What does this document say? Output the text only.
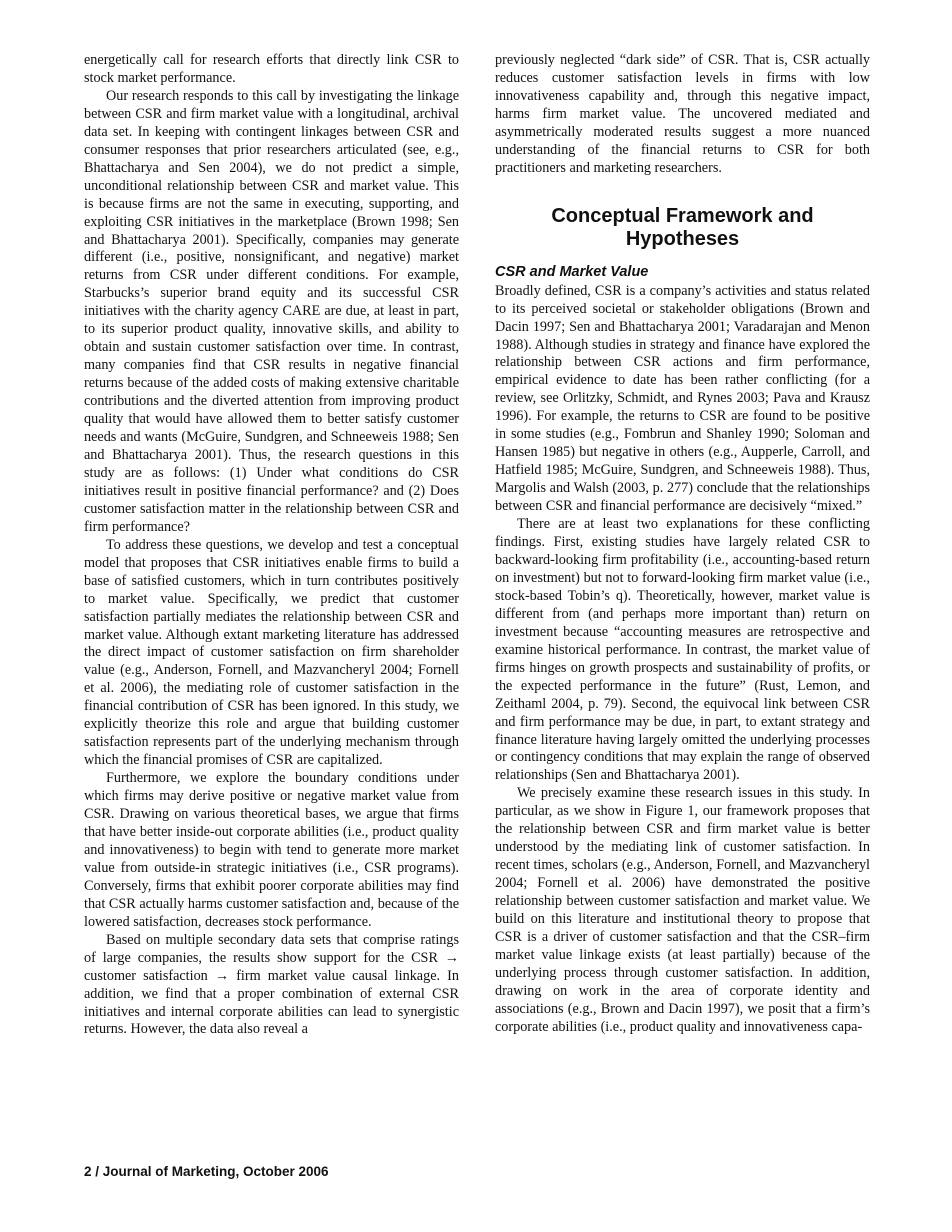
energetically call for research efforts that directly link CSR to stock market performance.

Our research responds to this call by investigating the linkage between CSR and firm market value with a longitudinal, archival data set. In keeping with contingent linkages between CSR and consumer responses that prior researchers articulated (see, e.g., Bhattacharya and Sen 2004), we do not predict a simple, unconditional relationship between CSR and market value. This is because firms are not the same in executing, supporting, and exploiting CSR initiatives in the marketplace (Brown 1998; Sen and Bhattacharya 2001). Specifically, companies may generate different (i.e., positive, nonsignificant, and negative) market returns from CSR under different conditions. For example, Starbucks’s superior brand equity and its successful CSR initiatives with the charity agency CARE are due, at least in part, to its superior product quality, innovative skills, and ability to obtain and sustain customer satisfaction over time. In contrast, many companies find that CSR results in negative financial returns because of the added costs of making extensive charitable contributions and the diverted attention from improving product quality that would have allowed them to better satisfy customer needs and wants (McGuire, Sundgren, and Schneeweis 1988; Sen and Bhattacharya 2001). Thus, the research questions in this study are as follows: (1) Under what conditions do CSR initiatives result in positive financial performance? and (2) Does customer satisfaction matter in the relationship between CSR and firm performance?

To address these questions, we develop and test a conceptual model that proposes that CSR initiatives enable firms to build a base of satisfied customers, which in turn contributes positively to market value. Specifically, we predict that customer satisfaction partially mediates the relationship between CSR and market value. Although extant marketing literature has addressed the direct impact of customer satisfaction on firm shareholder value (e.g., Anderson, Fornell, and Mazvancheryl 2004; Fornell et al. 2006), the mediating role of customer satisfaction in the financial contribution of CSR has been ignored. In this study, we explicitly theorize this role and argue that building customer satisfaction represents part of the underlying mechanism through which the financial promises of CSR are capitalized.

Furthermore, we explore the boundary conditions under which firms may derive positive or negative market value from CSR. Drawing on various theoretical bases, we argue that firms that have better inside-out corporate abilities (i.e., product quality and innovativeness) to begin with tend to generate more market value from outside-in strategic initiatives (i.e., CSR programs). Conversely, firms that exhibit poorer corporate abilities may find that CSR actually harms customer satisfaction and, because of the lowered satisfaction, decreases stock performance.

Based on multiple secondary data sets that comprise ratings of large companies, the results show support for the CSR → customer satisfaction → firm market value causal linkage. In addition, we find that a proper combination of external CSR initiatives and internal corporate abilities can lead to synergistic returns. However, the data also reveal a

previously neglected “dark side” of CSR. That is, CSR actually reduces customer satisfaction levels in firms with low innovativeness capability and, through this negative impact, harms firm market value. The uncovered mediated and asymmetrically moderated results suggest a more nuanced understanding of the financial returns to CSR for both practitioners and marketing researchers.

Conceptual Framework and Hypotheses
CSR and Market Value

Broadly defined, CSR is a company’s activities and status related to its perceived societal or stakeholder obligations (Brown and Dacin 1997; Sen and Bhattacharya 2001; Varadarajan and Menon 1988). Although studies in strategy and finance have explored the relationship between CSR actions and firm performance, empirical evidence to date has been rather conflicting (for a review, see Orlitzky, Schmidt, and Rynes 2003; Pava and Krausz 1996). For example, the returns to CSR are found to be positive in some studies (e.g., Fombrun and Shanley 1990; Soloman and Hansen 1985) but negative in others (e.g., Aupperle, Carroll, and Hatfield 1985; McGuire, Sundgren, and Schneeweis 1988). Thus, Margolis and Walsh (2003, p. 277) conclude that the relationships between CSR and financial performance are decisively “mixed.”

There are at least two explanations for these conflicting findings. First, existing studies have largely related CSR to backward-looking firm profitability (i.e., accounting-based return on investment) but not to forward-looking firm market value (i.e., stock-based Tobin’s q). Theoretically, however, market value is different from (and perhaps more important than) return on investment because “accounting measures are retrospective and examine historical performance. In contrast, the market value of firms hinges on growth prospects and sustainability of profits, or the expected performance in the future” (Rust, Lemon, and Zeithaml 2004, p. 79). Second, the equivocal link between CSR and firm performance may be due, in part, to extant strategy and finance literature having largely omitted the underlying processes or contingency conditions that may explain the range of observed relationships (Sen and Bhattacharya 2001).

We precisely examine these research issues in this study. In particular, as we show in Figure 1, our framework proposes that the relationship between CSR and firm market value is better understood by the mediating link of customer satisfaction. In recent times, scholars (e.g., Anderson, Fornell, and Mazvancheryl 2004; Fornell et al. 2006) have demonstrated the positive relationship between customer satisfaction and market value. We build on this literature and institutional theory to propose that CSR is a driver of customer satisfaction and that the CSR–firm market value linkage exists (at least partially) because of the underlying process through customer satisfaction. In addition, drawing on work in the area of corporate identity and associations (e.g., Brown and Dacin 1997), we posit that a firm’s corporate abilities (i.e., product quality and innovativeness capa-

2 / Journal of Marketing, October 2006
